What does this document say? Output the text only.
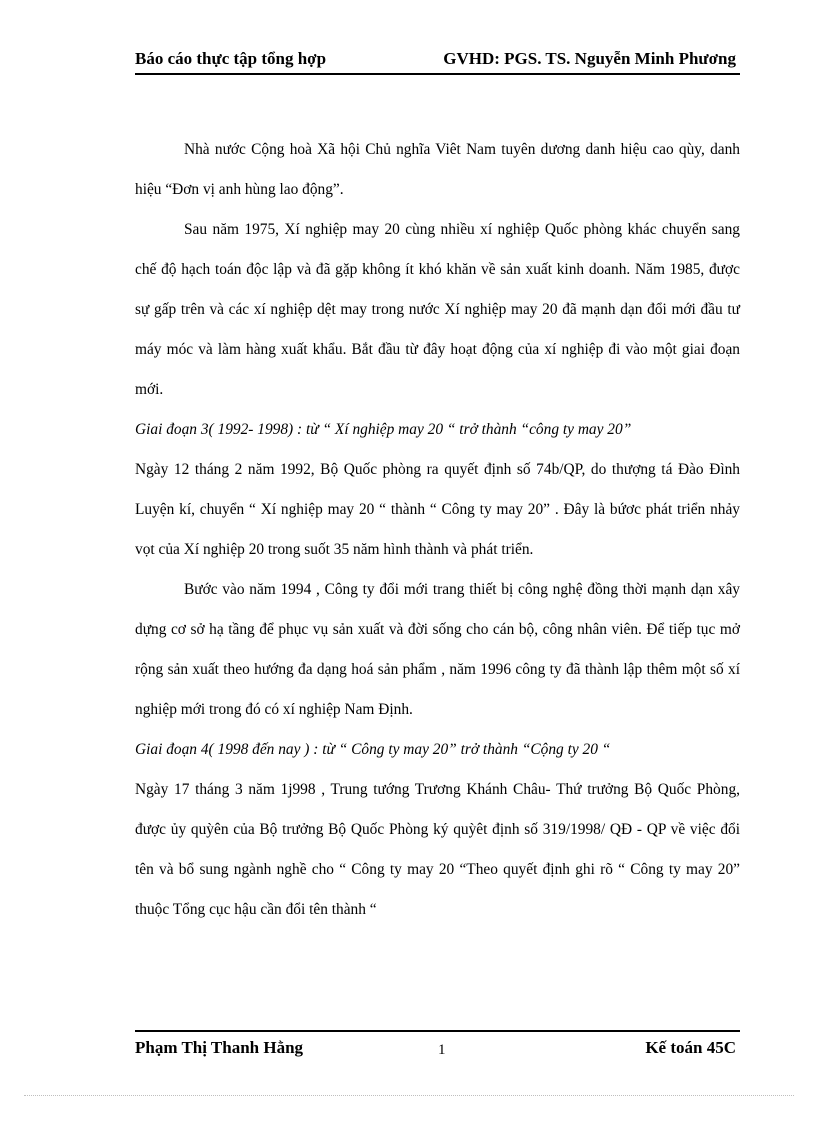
Báo cáo thực tập tổng hợp	GVHD: PGS. TS. Nguyễn Minh Phương

Nhà nước Cộng hoà Xã hội Chủ nghĩa Viêt Nam tuyên dương danh hiệu cao qùy, danh hiệu “Đơn vị anh hùng lao động”.

Sau năm 1975, Xí nghiệp may 20 cùng nhiều xí nghiệp Quốc phòng khác chuyển sang chế độ hạch toán độc lập và đã gặp không ít khó khăn về sản xuất kinh doanh. Năm 1985, được sự gấp trên và các xí nghiệp dệt may trong nước Xí nghiệp may 20 đã mạnh dạn đổi mới đầu tư máy móc và làm hàng xuất khẩu. Bắt đầu từ đây hoạt động của xí nghiệp đi vào một giai đoạn mới.

Giai đoạn 3( 1992- 1998) : từ “ Xí nghiệp may 20 “ trở thành “công ty may 20”

Ngày 12 tháng 2 năm 1992, Bộ Quốc phòng ra quyết định số 74b/QP, do thượng tá Đào Đình Luyện kí, chuyển “ Xí nghiệp may 20 “ thành “ Công ty may 20” . Đây là bứơc phát triển nhảy vọt của Xí nghiệp 20 trong suốt 35 năm hình thành và phát triển.

Bước vào năm 1994 , Công ty đổi mới trang thiết bị công nghệ đồng thời mạnh dạn xây dựng cơ sở hạ tầng để phục vụ sản xuất và đời sống cho cán bộ, công nhân viên. Để tiếp tục mở rộng sản xuất theo hướng đa dạng hoá sản phẩm , năm 1996 công ty đã thành lập thêm một số xí nghiệp mới trong đó có xí nghiệp Nam Định.

Giai đoạn 4( 1998 đến nay ) : từ “ Công ty may 20” trở thành “Cộng ty 20 “

Ngày 17 tháng 3 năm 1j998 , Trung tướng Trương Khánh Châu- Thứ trưởng Bộ Quốc Phòng, được ủy quỳên của Bộ trưởng Bộ Quốc Phòng ký quỳêt định số 319/1998/ QĐ - QP về việc đổi tên và bổ sung ngành nghề cho “ Công ty may 20 “Theo quyết định ghi rõ “ Công ty may 20” thuộc Tổng cục hậu cần đổi tên thành “

Phạm Thị Thanh Hằng	1	Kế toán 45C
